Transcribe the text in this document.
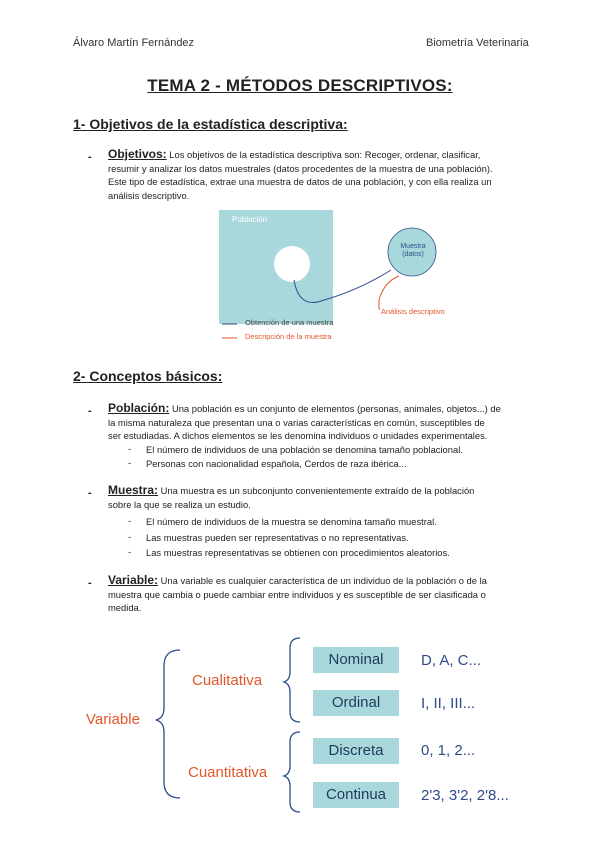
Álvaro Martín Fernández	Biometría Veterinaria
TEMA 2 - MÉTODOS DESCRIPTIVOS:
1- Objetivos de la estadística descriptiva:
- Objetivos: Los objetivos de la estadística descriptiva son: Recoger, ordenar, clasificar,
resumir y analizar los datos muestrales (datos procedentes de la muestra de una población).
Este tipo de estadística, extrae una muestra de datos de una población, y con ella realiza un
análisis descriptivo.
Población
Muestra
(datos)
Análisis descriptivo
Obtención de una muestra
Descripción de la muestra
2- Conceptos básicos:
- Población: Una población es un conjunto de elementos (personas, animales, objetos...) de
la misma naturaleza que presentan una o varias características en común, susceptibles de
ser estudiadas. A dichos elementos se les denomina individuos o unidades experimentales.
- El número de individuos de una población se denomina tamaño poblacional.
- Personas con nacionalidad española, Cerdos de raza ibérica...
- Muestra: Una muestra es un subconjunto convenientemente extraído de la población
sobre la que se realiza un estudio.
- El número de individuos de la muestra se denomina tamaño muestral.
- Las muestras pueden ser representativas o no representativas.
- Las muestras representativas se obtienen con procedimientos aleatorios.
- Variable: Una variable es cualquier característica de un individuo de la población o de la
muestra que cambia o puede cambiar entre individuos y es susceptible de ser clasificada o
medida.
Variable
Cualitativa
Cuantitativa
Nominal
Ordinal
Discreta
Continua
D, A, C...
I, II, III...
0, 1, 2...
2'3, 3'2, 2'8...
